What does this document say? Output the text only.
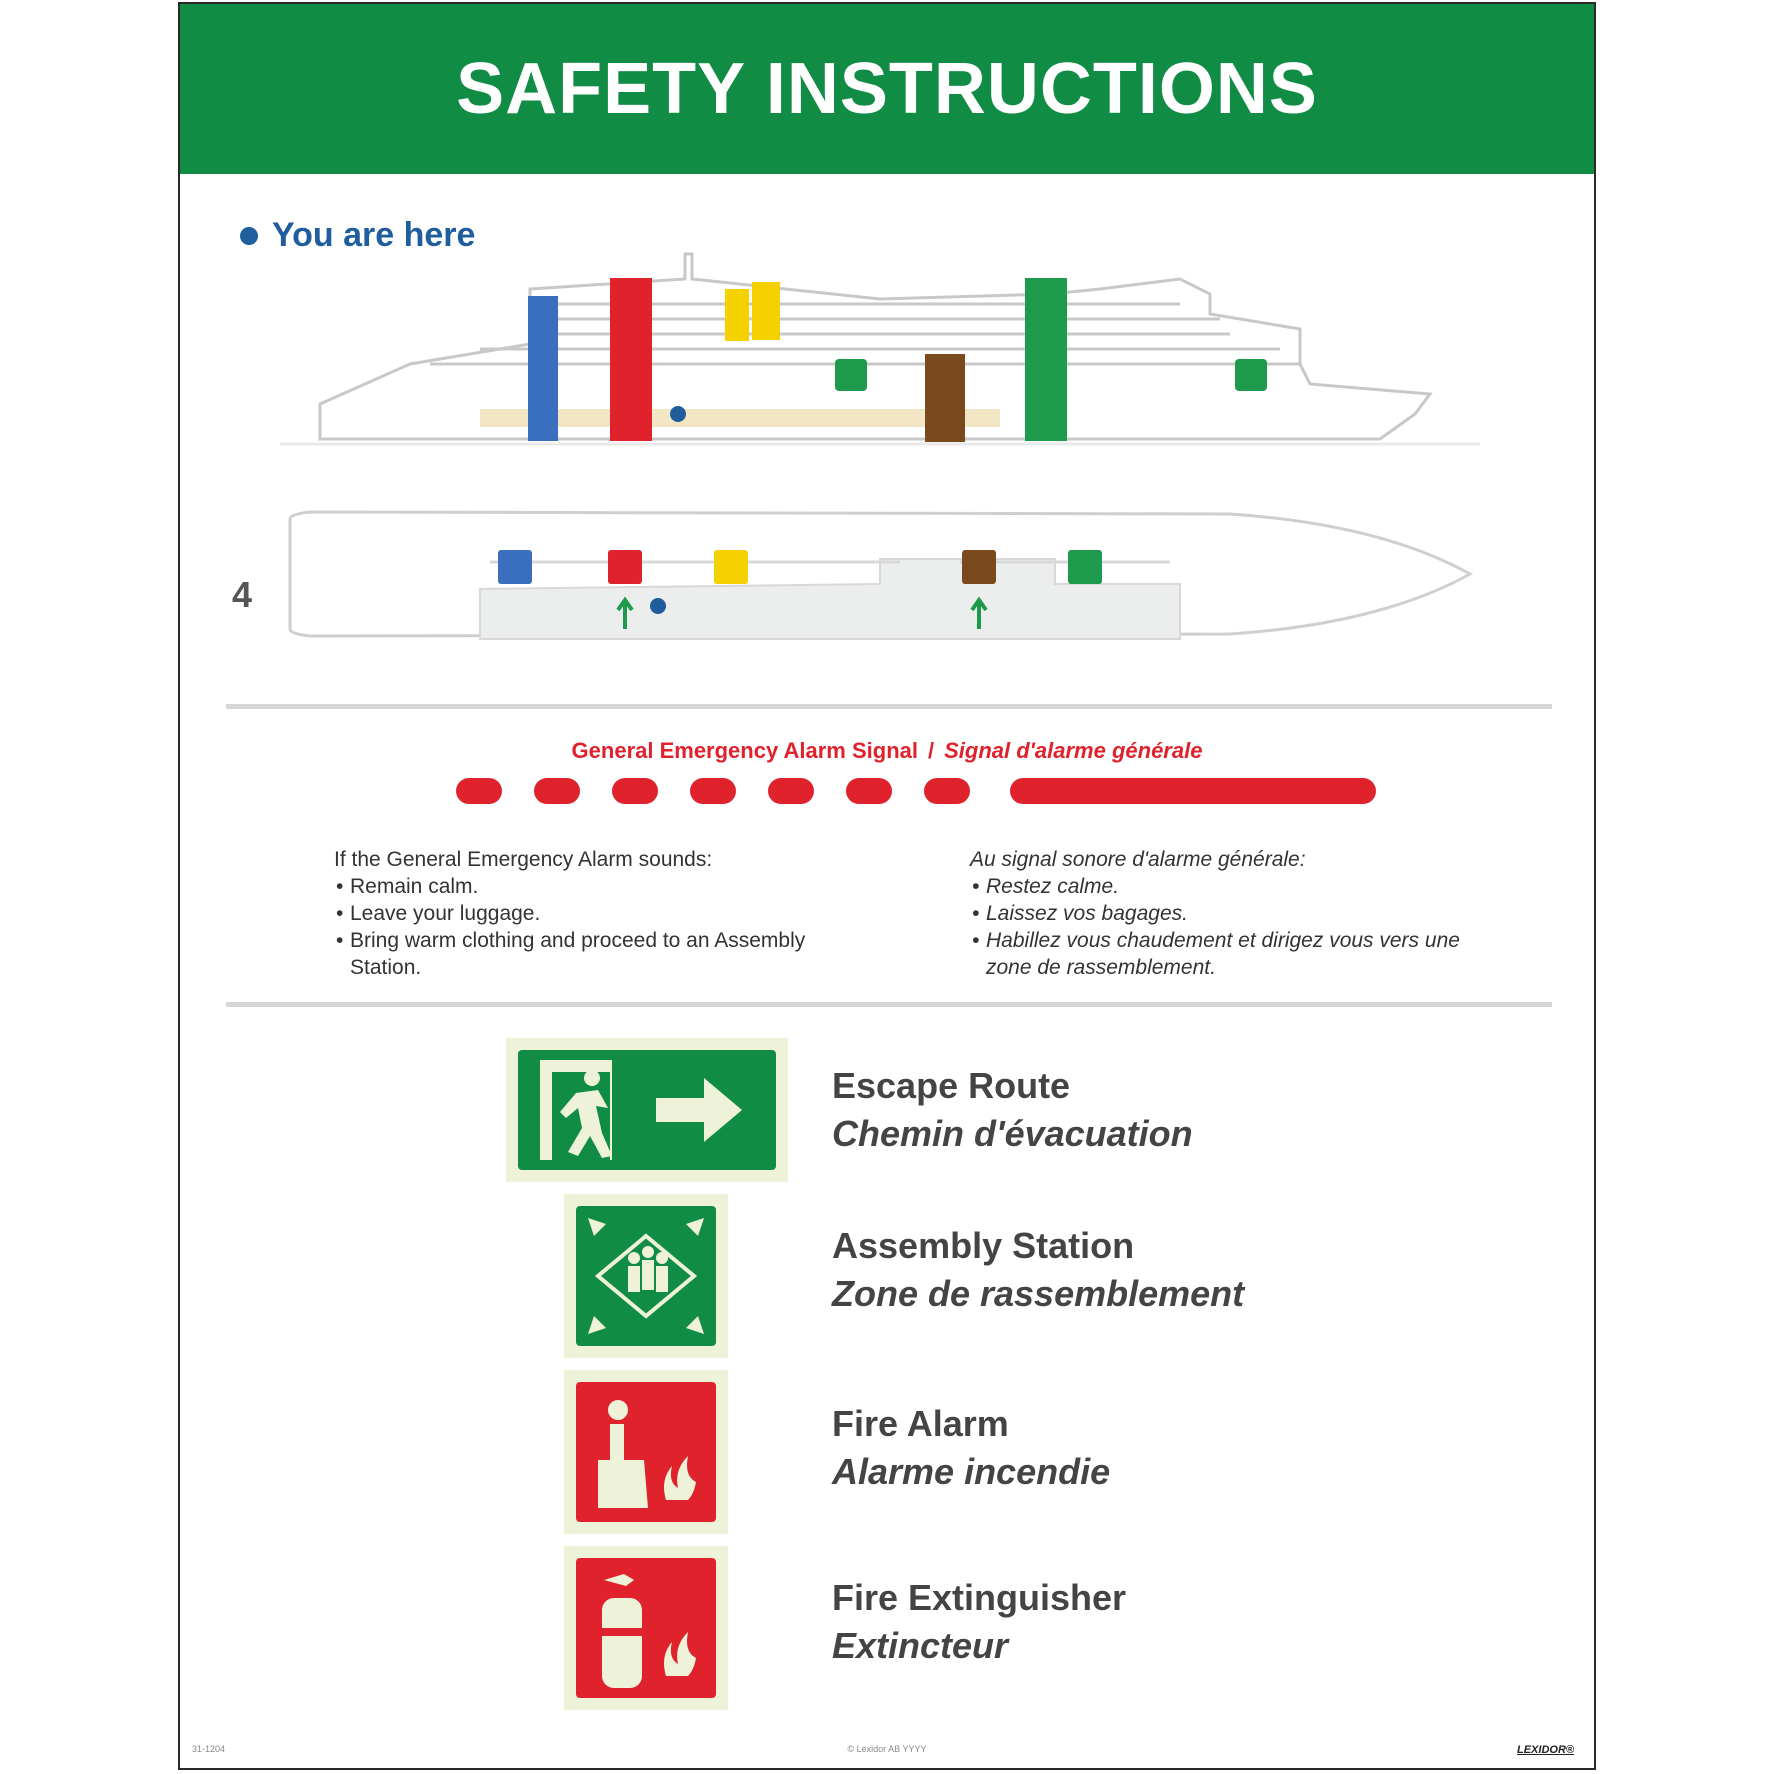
SAFETY INSTRUCTIONS
You are here
4
General Emergency Alarm Signal / Signal d'alarme générale
If the General Emergency Alarm sounds:
• Remain calm.
• Leave your luggage.
• Bring warm clothing and proceed to an Assembly Station.
Au signal sonore d'alarme générale:
• Restez calme.
• Laissez vos bagages.
• Habillez vous chaudement et dirigez vous vers une zone de rassemblement.
Escape Route
Chemin d'évacuation
Assembly Station
Zone de rassemblement
Fire Alarm
Alarme incendie
Fire Extinguisher
Extincteur
31-1204	© Lexidor AB YYYY	LEXIDOR®
